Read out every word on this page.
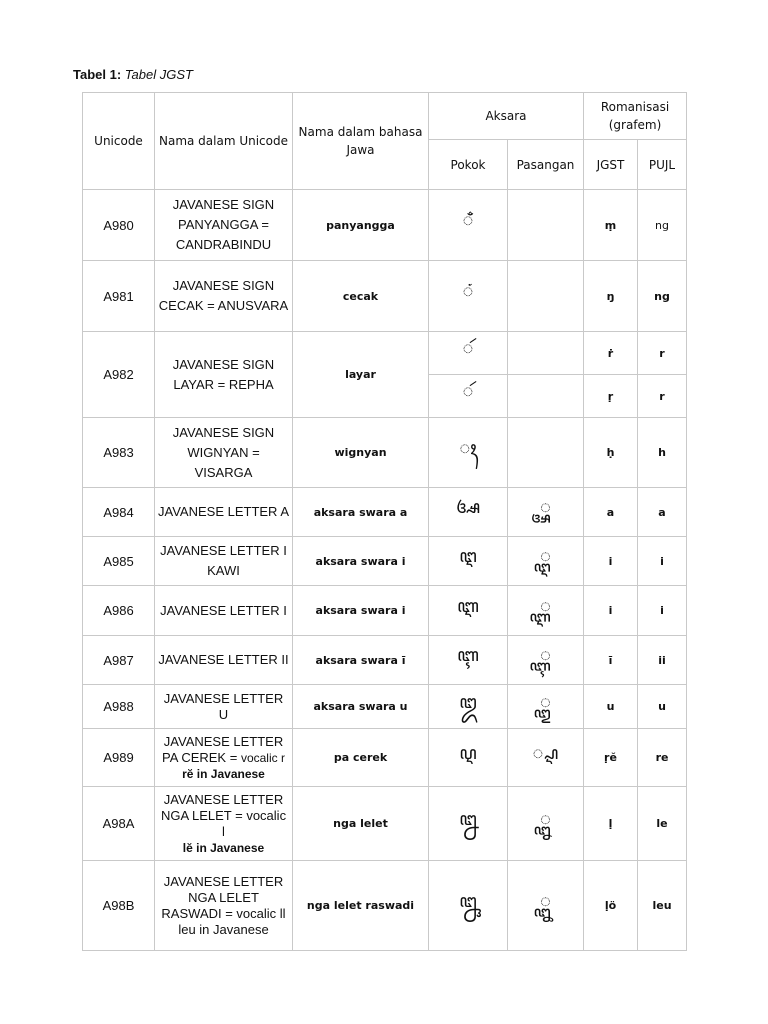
Tabel 1: Tabel JGST
Unicode	Nama dalam Unicode	Nama dalam bahasa Jawa	Aksara		Romanisasi (grafem)	
			Pokok	Pasangan	JGST	PUJL
A980	JAVANESE SIGN PANYANGGA = CANDRABINDU	panyangga	◌ꦀ		ṃ	ng
A981	JAVANESE SIGN CECAK = ANUSVARA	cecak	◌ꦁ		ŋ	ng
A982	JAVANESE SIGN LAYAR = REPHA	layar	◌ꦂ		ṙ	r
			◌ꦂ		ṛ	r
A983	JAVANESE SIGN WIGNYAN = VISARGA	wignyan	◌ꦃ		ḥ	h
A984	JAVANESE LETTER A	aksara swara a	ꦄ	◌꧀ꦄ	a	a
A985	JAVANESE LETTER I KAWI	aksara swara i	ꦅ	◌꧀ꦅ	i	i
A986	JAVANESE LETTER I	aksara swara i	ꦆ	◌꧀ꦆ	i	i
A987	JAVANESE LETTER II	aksara swara ī	ꦇ	◌꧀ꦇ	ī	ii
A988	JAVANESE LETTER U	aksara swara u	ꦈ	◌꧀ꦈ	u	u
A989	JAVANESE LETTER PA CEREK = vocalic r
rĕ in Javanese	pa cerek	ꦉ	◌꧀ꦉ	ṛĕ	re
A98A	JAVANESE LETTER NGA LELET = vocalic l
lĕ in Javanese	nga lelet	ꦊ	◌꧀ꦊ	ḷ	le
A98B	JAVANESE LETTER NGA LELET RASWADI = vocalic ll
leu in Javanese	nga lelet raswadi	ꦋ	◌꧀ꦋ	ḷö	leu
